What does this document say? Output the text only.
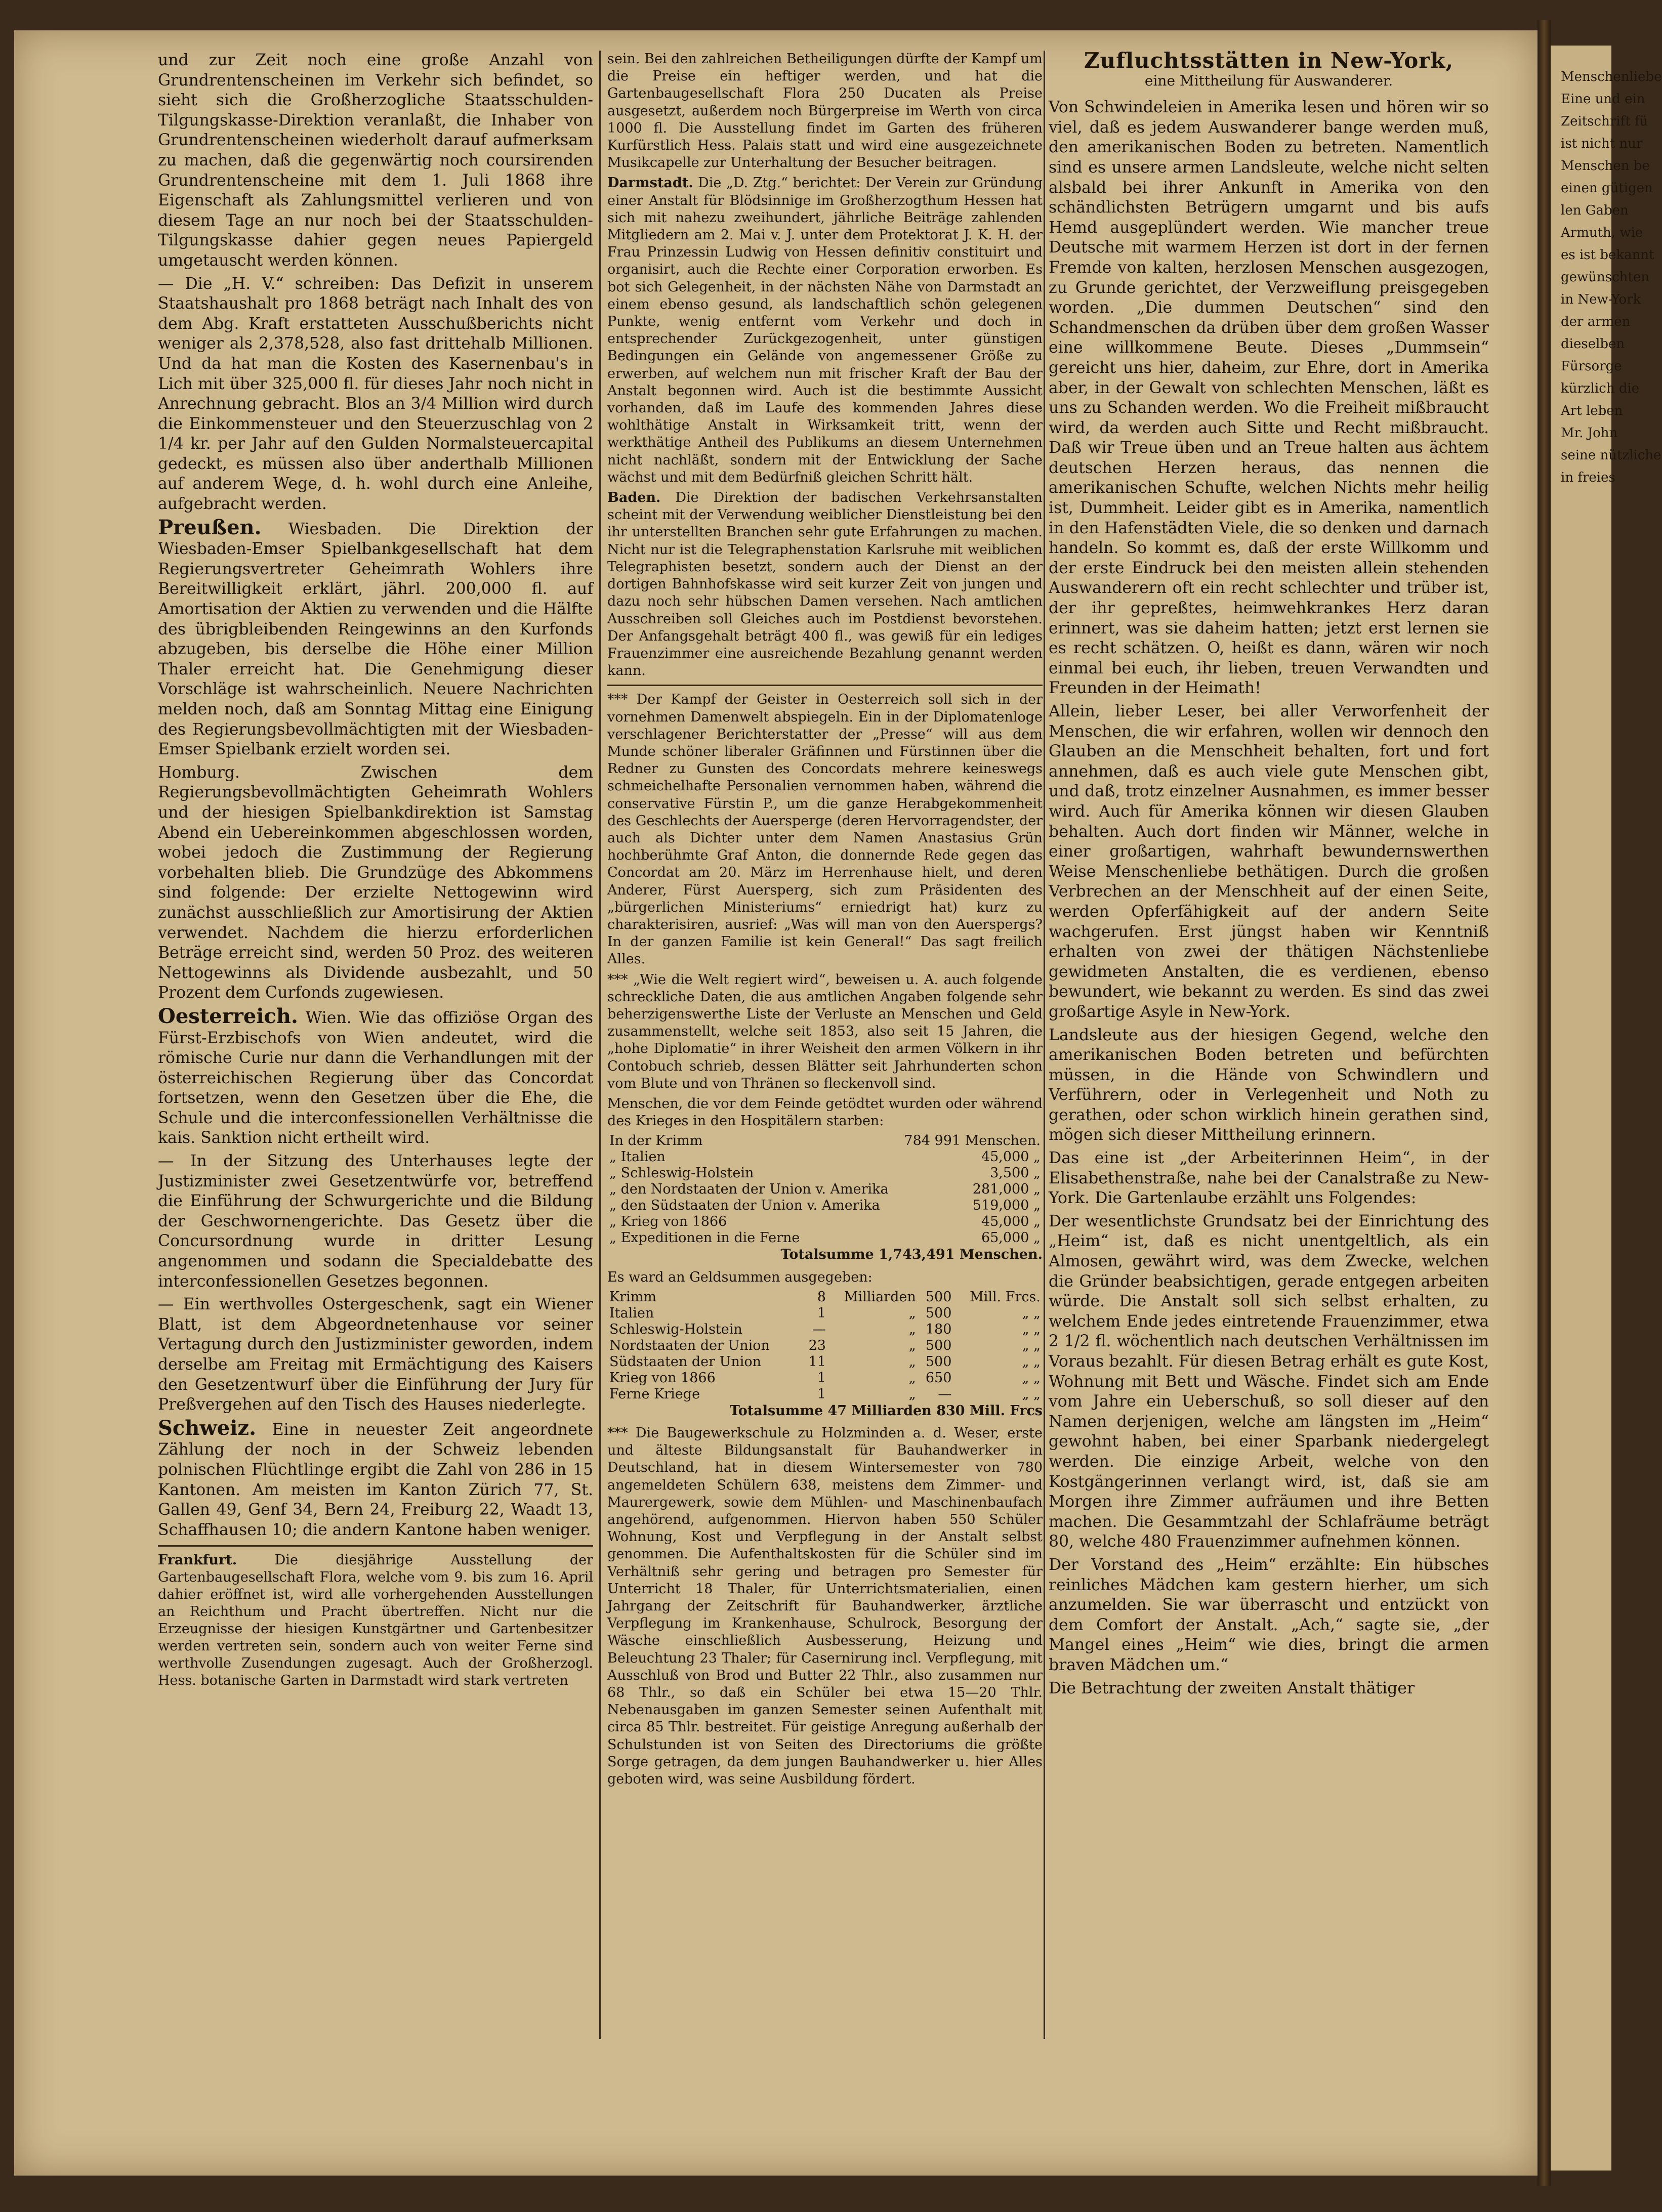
Menschenliebe
Eine und ein
Zeitschrift fü
ist nicht nur
Menschen be
einen gütigen
len Gaben
Armuth, wie
es ist bekannt
gewünschten
in New-York
der armen
dieselben
Fürsorge
kürzlich die
Art leben
Mr. John
seine nützliche
in freies

und zur Zeit noch eine große Anzahl von Grundrentenscheinen im Verkehr sich befindet, so sieht sich die Großherzogliche Staatsschulden-Tilgungskasse-Direktion veranlaßt, die Inhaber von Grundrentenscheinen wiederholt darauf aufmerksam zu machen, daß die gegenwärtig noch coursirenden Grundrentenscheine mit dem 1. Juli 1868 ihre Eigenschaft als Zahlungsmittel verlieren und von diesem Tage an nur noch bei der Staatsschulden-Tilgungskasse dahier gegen neues Papiergeld umgetauscht werden können.

— Die „H. V.“ schreiben: Das Defizit in unserem Staatshaushalt pro 1868 beträgt nach Inhalt des von dem Abg. Kraft erstatteten Ausschußberichts nicht weniger als 2,378,528, also fast drittehalb Millionen. Und da hat man die Kosten des Kasernenbau's in Lich mit über 325,000 fl. für dieses Jahr noch nicht in Anrechnung gebracht. Blos an 3/4 Million wird durch die Einkommensteuer und den Steuerzuschlag von 2 1/4 kr. per Jahr auf den Gulden Normalsteuercapital gedeckt, es müssen also über anderthalb Millionen auf anderem Wege, d. h. wohl durch eine Anleihe, aufgebracht werden.

Preußen. Wiesbaden. Die Direktion der Wiesbaden-Emser Spielbankgesellschaft hat dem Regierungsvertreter Geheimrath Wohlers ihre Bereitwilligkeit erklärt, jährl. 200,000 fl. auf Amortisation der Aktien zu verwenden und die Hälfte des übrigbleibenden Reingewinns an den Kurfonds abzugeben, bis derselbe die Höhe einer Million Thaler erreicht hat. Die Genehmigung dieser Vorschläge ist wahrscheinlich. Neuere Nachrichten melden noch, daß am Sonntag Mittag eine Einigung des Regierungsbevollmächtigten mit der Wiesbaden-Emser Spielbank erzielt worden sei.

Homburg. Zwischen dem Regierungsbevollmächtigten Geheimrath Wohlers und der hiesigen Spielbankdirektion ist Samstag Abend ein Uebereinkommen abgeschlossen worden, wobei jedoch die Zustimmung der Regierung vorbehalten blieb. Die Grundzüge des Abkommens sind folgende: Der erzielte Nettogewinn wird zunächst ausschließlich zur Amortisirung der Aktien verwendet. Nachdem die hierzu erforderlichen Beträge erreicht sind, werden 50 Proz. des weiteren Nettogewinns als Dividende ausbezahlt, und 50 Prozent dem Curfonds zugewiesen.

Oesterreich. Wien. Wie das offiziöse Organ des Fürst-Erzbischofs von Wien andeutet, wird die römische Curie nur dann die Verhandlungen mit der österreichischen Regierung über das Concordat fortsetzen, wenn den Gesetzen über die Ehe, die Schule und die interconfessionellen Verhältnisse die kais. Sanktion nicht ertheilt wird.

— In der Sitzung des Unterhauses legte der Justizminister zwei Gesetzentwürfe vor, betreffend die Einführung der Schwurgerichte und die Bildung der Geschwornengerichte. Das Gesetz über die Concursordnung wurde in dritter Lesung angenommen und sodann die Specialdebatte des interconfessionellen Gesetzes begonnen.

— Ein werthvolles Ostergeschenk, sagt ein Wiener Blatt, ist dem Abgeordnetenhause vor seiner Vertagung durch den Justizminister geworden, indem derselbe am Freitag mit Ermächtigung des Kaisers den Gesetzentwurf über die Einführung der Jury für Preßvergehen auf den Tisch des Hauses niederlegte.

Schweiz. Eine in neuester Zeit angeordnete Zählung der noch in der Schweiz lebenden polnischen Flüchtlinge ergibt die Zahl von 286 in 15 Kantonen. Am meisten im Kanton Zürich 77, St. Gallen 49, Genf 34, Bern 24, Freiburg 22, Waadt 13, Schaffhausen 10; die andern Kantone haben weniger.

Frankfurt.	Die diesjährige Ausstellung der Gartenbaugesellschaft Flora, welche vom 9. bis zum 16. April dahier eröffnet ist, wird alle vorhergehenden Ausstellungen an Reichthum und Pracht übertreffen. Nicht nur die Erzeugnisse der hiesigen Kunstgärtner und Gartenbesitzer werden vertreten sein, sondern auch von weiter Ferne sind werthvolle Zusendungen zugesagt. Auch der Großherzogl. Hess. botanische Garten in Darmstadt wird stark vertreten

sein. Bei den zahlreichen Betheiligungen dürfte der Kampf um die Preise ein heftiger werden, und hat die Gartenbaugesellschaft Flora 250 Ducaten als Preise ausgesetzt, außerdem noch Bürgerpreise im Werth von circa 1000 fl. Die Ausstellung findet im Garten des früheren Kurfürstlich Hess. Palais statt und wird eine ausgezeichnete Musikcapelle zur Unterhaltung der Besucher beitragen.

Darmstadt. Die „D. Ztg.“ berichtet: Der Verein zur Gründung einer Anstalt für Blödsinnige im Großherzogthum Hessen hat sich mit nahezu zweihundert, jährliche Beiträge zahlenden Mitgliedern am 2. Mai v. J. unter dem Protektorat J. K. H. der Frau Prinzessin Ludwig von Hessen definitiv constituirt und organisirt, auch die Rechte einer Corporation erworben. Es bot sich Gelegenheit, in der nächsten Nähe von Darmstadt an einem ebenso gesund, als landschaftlich schön gelegenen Punkte, wenig entfernt vom Verkehr und doch in entsprechender Zurückgezogenheit, unter günstigen Bedingungen ein Gelände von angemessener Größe zu erwerben, auf welchem nun mit frischer Kraft der Bau der Anstalt begonnen wird. Auch ist die bestimmte Aussicht vorhanden, daß im Laufe des kommenden Jahres diese wohlthätige Anstalt in Wirksamkeit tritt, wenn der werkthätige Antheil des Publikums an diesem Unternehmen nicht nachläßt, sondern mit der Entwicklung der Sache wächst und mit dem Bedürfniß gleichen Schritt hält.

Baden. Die Direktion der badischen Verkehrsanstalten scheint mit der Verwendung weiblicher Dienstleistung bei den ihr unterstellten Branchen sehr gute Erfahrungen zu machen. Nicht nur ist die Telegraphenstation Karlsruhe mit weiblichen Telegraphisten besetzt, sondern auch der Dienst an der dortigen Bahnhofskasse wird seit kurzer Zeit von jungen und dazu noch sehr hübschen Damen versehen. Nach amtlichen Ausschreiben soll Gleiches auch im Postdienst bevorstehen. Der Anfangsgehalt beträgt 400 fl., was gewiß für ein lediges Frauenzimmer eine ausreichende Bezahlung genannt werden kann.

*** Der Kampf der Geister in Oesterreich soll sich in der vornehmen Damenwelt abspiegeln. Ein in der Diplomatenloge verschlagener Berichterstatter der „Presse“ will aus dem Munde schöner liberaler Gräfinnen und Fürstinnen über die Redner zu Gunsten des Concordats mehrere keineswegs schmeichelhafte Personalien vernommen haben, während die conservative Fürstin P., um die ganze Herabgekommenheit des Geschlechts der Auersperge (deren Hervorragendster, der auch als Dichter unter dem Namen Anastasius Grün hochberühmte Graf Anton, die donnernde Rede gegen das Concordat am 20. März im Herrenhause hielt, und deren Anderer, Fürst Auersperg, sich zum Präsidenten des „bürgerlichen Ministeriums“ erniedrigt hat) kurz zu charakterisiren, ausrief: „Was will man von den Auerspergs? In der ganzen Familie ist kein General!“ Das sagt freilich Alles.

*** „Wie die Welt regiert wird“, beweisen u. A. auch folgende schreckliche Daten, die aus amtlichen Angaben folgende sehr beherzigenswerthe Liste der Verluste an Menschen und Geld zusammenstellt, welche seit 1853, also seit 15 Jahren, die „hohe Diplomatie“ in ihrer Weisheit den armen Völkern in ihr Contobuch schrieb, dessen Blätter seit Jahrhunderten schon vom Blute und von Thränen so fleckenvoll sind.

Menschen, die vor dem Feinde getödtet wurden oder während des Krieges in den Hospitälern starben:

In der Krimm	784 991 Menschen.
„ Italien	45,000 „
„ Schleswig-Holstein	3,500 „
„ den Nordstaaten der Union v. Amerika	281,000 „
„ den Südstaaten der Union v. Amerika	519,000 „
„ Krieg von 1866	45,000 „
„ Expeditionen in die Ferne	65,000 „
Totalsumme 1,743,491 Menschen.

Es ward an Geldsummen ausgegeben:

Krimm	8	Milliarden	500	Mill. Frcs.
Italien	1	„	500	„ „
Schleswig-Holstein	—	„	180	„ „
Nordstaaten der Union	23	„	500	„ „
Südstaaten der Union	11	„	500	„ „
Krieg von 1866	1	„	650	„ „
Ferne Kriege	1	„	—	„ „
Totalsumme 47 Milliarden 830 Mill. Frcs

*** Die Baugewerkschule zu Holzminden a. d. Weser, erste und älteste Bildungsanstalt für Bauhandwerker in Deutschland, hat in diesem Wintersemester von 780 angemeldeten Schülern 638, meistens dem Zimmer- und Maurergewerk, sowie dem Mühlen- und Maschinenbaufach angehörend, aufgenommen. Hiervon haben 550 Schüler Wohnung, Kost und Verpflegung in der Anstalt selbst genommen. Die Aufenthaltskosten für die Schüler sind im Verhältniß sehr gering und betragen pro Semester für Unterricht 18 Thaler, für Unterrichtsmaterialien, einen Jahrgang der Zeitschrift für Bauhandwerker, ärztliche Verpflegung im Krankenhause, Schulrock, Besorgung der Wäsche einschließlich Ausbesserung, Heizung und Beleuchtung 23 Thaler; für Casernirung incl. Verpflegung, mit Ausschluß von Brod und Butter 22 Thlr., also zusammen nur 68 Thlr., so daß ein Schüler bei etwa 15—20 Thlr. Nebenausgaben im ganzen Semester seinen Aufenthalt mit circa 85 Thlr. bestreitet. Für geistige Anregung außerhalb der Schulstunden ist von Seiten des Directoriums die größte Sorge getragen, da dem jungen Bauhandwerker u. hier Alles geboten wird, was seine Ausbildung fördert.

Zufluchtsstätten in New-York,
eine Mittheilung für Auswanderer.

Von Schwindeleien in Amerika lesen und hören wir so viel, daß es jedem Auswanderer bange werden muß, den amerikanischen Boden zu betreten. Namentlich sind es unsere armen Landsleute, welche nicht selten alsbald bei ihrer Ankunft in Amerika von den schändlichsten Betrügern umgarnt und bis aufs Hemd ausgeplündert werden. Wie mancher treue Deutsche mit warmem Herzen ist dort in der fernen Fremde von kalten, herzlosen Menschen ausgezogen, zu Grunde gerichtet, der Verzweiflung preisgegeben worden. „Die dummen Deutschen“ sind den Schandmenschen da drüben über dem großen Wasser eine willkommene Beute. Dieses „Dummsein“ gereicht uns hier, daheim, zur Ehre, dort in Amerika aber, in der Gewalt von schlechten Menschen, läßt es uns zu Schanden werden. Wo die Freiheit mißbraucht wird, da werden auch Sitte und Recht mißbraucht. Daß wir Treue üben und an Treue halten aus ächtem deutschen Herzen heraus, das nennen die amerikanischen Schufte, welchen Nichts mehr heilig ist, Dummheit. Leider gibt es in Amerika, namentlich in den Hafenstädten Viele, die so denken und darnach handeln. So kommt es, daß der erste Willkomm und der erste Eindruck bei den meisten allein stehenden Auswanderern oft ein recht schlechter und trüber ist, der ihr gepreßtes, heimwehkrankes Herz daran erinnert, was sie daheim hatten; jetzt erst lernen sie es recht schätzen. O, heißt es dann, wären wir noch einmal bei euch, ihr lieben, treuen Verwandten und Freunden in der Heimath!

Allein, lieber Leser, bei aller Verworfenheit der Menschen, die wir erfahren, wollen wir dennoch den Glauben an die Menschheit behalten, fort und fort annehmen, daß es auch viele gute Menschen gibt, und daß, trotz einzelner Ausnahmen, es immer besser wird. Auch für Amerika können wir diesen Glauben behalten. Auch dort finden wir Männer, welche in einer großartigen, wahrhaft bewundernswerthen Weise Menschenliebe bethätigen. Durch die großen Verbrechen an der Menschheit auf der einen Seite, werden Opferfähigkeit auf der andern Seite wachgerufen. Erst jüngst haben wir Kenntniß erhalten von zwei der thätigen Nächstenliebe gewidmeten Anstalten, die es verdienen, ebenso bewundert, wie bekannt zu werden. Es sind das zwei großartige Asyle in New-York.

Landsleute aus der hiesigen Gegend, welche den amerikanischen Boden betreten und befürchten müssen, in die Hände von Schwindlern und Verführern, oder in Verlegenheit und Noth zu gerathen, oder schon wirklich hinein gerathen sind, mögen sich dieser Mittheilung erinnern.

Das eine ist „der Arbeiterinnen Heim“, in der Elisabethenstraße, nahe bei der Canalstraße zu New-York. Die Gartenlaube erzählt uns Folgendes:

Der wesentlichste Grundsatz bei der Einrichtung des „Heim“ ist, daß es nicht unentgeltlich, als ein Almosen, gewährt wird, was dem Zwecke, welchen die Gründer beabsichtigen, gerade entgegen arbeiten würde. Die Anstalt soll sich selbst erhalten, zu welchem Ende jedes eintretende Frauenzimmer, etwa 2 1/2 fl. wöchentlich nach deutschen Verhältnissen im Voraus bezahlt. Für diesen Betrag erhält es gute Kost, Wohnung mit Bett und Wäsche. Findet sich am Ende vom Jahre ein Ueberschuß, so soll dieser auf den Namen derjenigen, welche am längsten im „Heim“ gewohnt haben, bei einer Sparbank niedergelegt werden. Die einzige Arbeit, welche von den Kostgängerinnen verlangt wird, ist, daß sie am Morgen ihre Zimmer aufräumen und ihre Betten machen. Die Gesammtzahl der Schlafräume beträgt 80, welche 480 Frauenzimmer aufnehmen können.

Der Vorstand des „Heim“ erzählte: Ein hübsches reinliches Mädchen kam gestern hierher, um sich anzumelden. Sie war überrascht und entzückt von dem Comfort der Anstalt. „Ach,“ sagte sie, „der Mangel eines „Heim“ wie dies, bringt die armen braven Mädchen um.“

Die Betrachtung der zweiten Anstalt thätiger
